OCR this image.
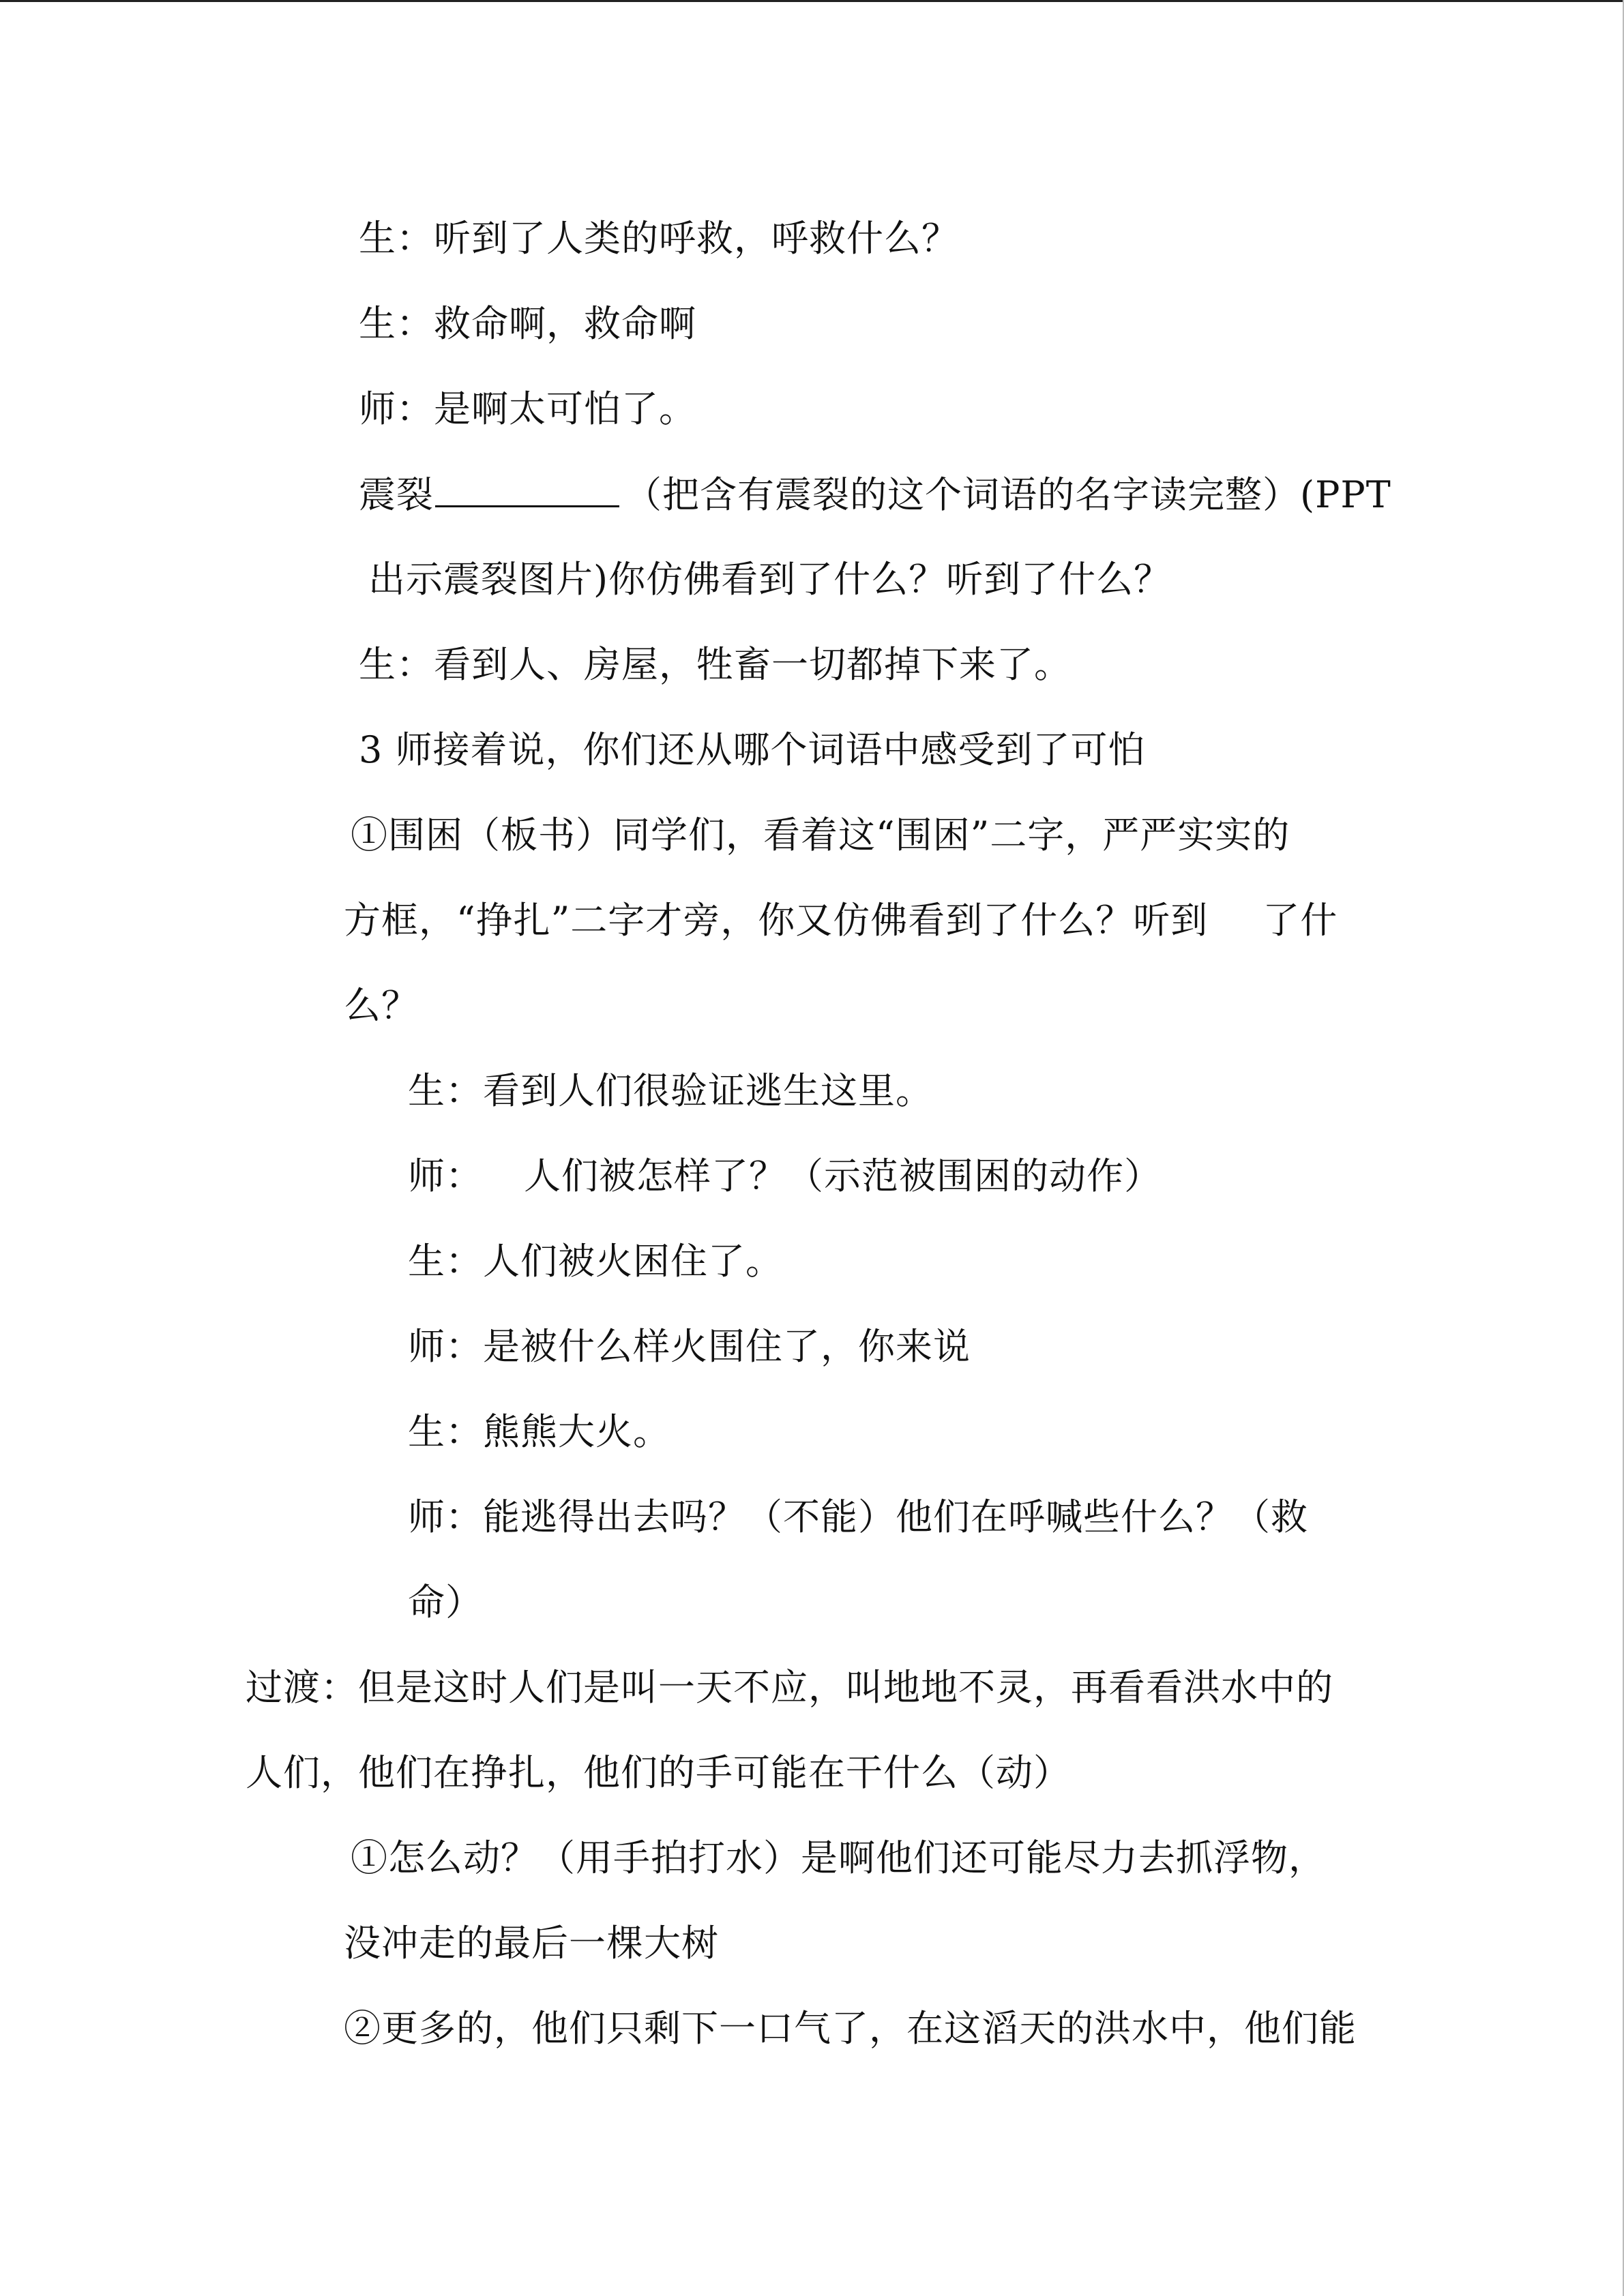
生：听到了人类的呼救，呼救什么？
生：救命啊，救命啊
师：是啊太可怕了。
震裂	（把含有震裂的这个词语的名字读完整）(PPT
出示震裂图片)你仿佛看到了什么？听到了什么？
生：看到人、房屋，牲畜一切都掉下来了。
3 师接着说，你们还从哪个词语中感受到了可怕
①围困（板书）同学们，看着这“围困”二字，严严实实的
方框，“挣扎”二字才旁，你又仿佛看到了什么？听到 了什
么？
生：看到人们很验证逃生这里。
师： 人们被怎样了？（示范被围困的动作）
生：人们被火困住了。
师：是被什么样火围住了，你来说
生：熊熊大火。
师：能逃得出去吗？（不能）他们在呼喊些什么？（救
命）
过渡：但是这时人们是叫一天不应，叫地地不灵，再看看洪水中的
人们，他们在挣扎，他们的手可能在干什么（动）
①怎么动？（用手拍打水）是啊他们还可能尽力去抓浮物，
没冲走的最后一棵大树
②更多的，他们只剩下一口气了，在这滔天的洪水中，他们能
